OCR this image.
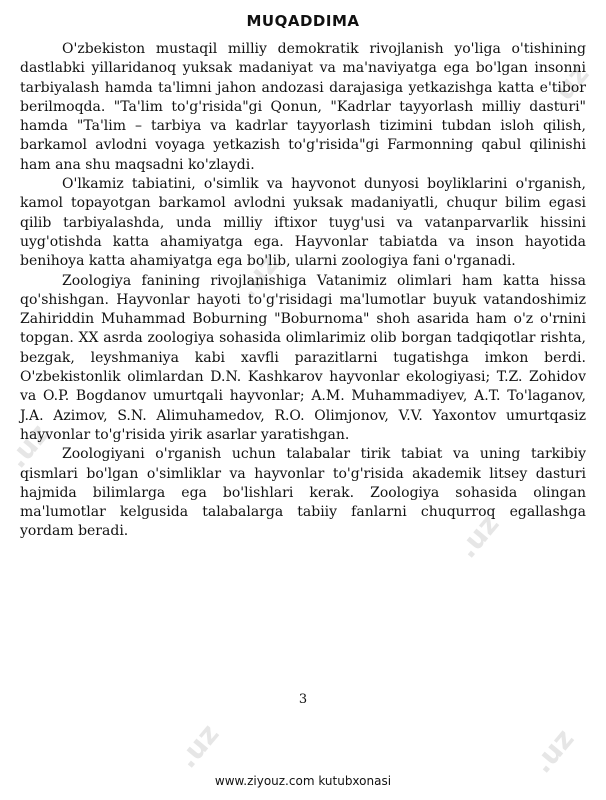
.uz
.uz
.uz
.uz
.uz	.uz
MUQADDIMA

O'zbekiston mustaqil milliy demokratik rivojlanish yo'liga o'tishining dastlabki yillaridanoq yuksak madaniyat va ma'naviyatga ega bo'lgan insonni tarbiyalash hamda ta'limni jahon andozasi darajasiga yetkazishga katta e'tibor berilmoqda. "Ta'lim to'g'risida"gi Qonun, "Kadrlar tayyorlash milliy dasturi" hamda "Ta'lim – tarbiya va kadrlar tayyorlash tizimini tubdan isloh qilish, barkamol avlodni voyaga yetkazish to'g'risida"gi Farmonning qabul qilinishi ham ana shu maqsadni ko'zlaydi.

O'lkamiz tabiatini, o'simlik va hayvonot dunyosi boyliklarini o'rganish, kamol topayotgan barkamol avlodni yuksak madaniyatli, chuqur bilim egasi qilib tarbiyalashda, unda milliy iftixor tuyg'usi va vatanparvarlik hissini uyg'otishda katta ahamiyatga ega. Hayvonlar tabiatda va inson hayotida benihoya katta ahamiyatga ega bo'lib, ularni zoologiya fani o'rganadi.

Zoologiya fanining rivojlanishiga Vatanimiz olimlari ham katta hissa qo'shishgan. Hayvonlar hayoti to'g'risidagi ma'lumotlar buyuk vatandoshimiz Zahiriddin Muhammad Boburning "Boburnoma" shoh asarida ham o'z o'rnini topgan. XX asrda zoologiya sohasida olimlarimiz olib borgan tadqiqotlar rishta, bezgak, leyshmaniya kabi xavfli parazitlarni tugatishga imkon berdi. O'zbekistonlik olimlardan D.N. Kashkarov hayvonlar ekologiyasi; T.Z. Zohidov va O.P. Bogdanov umurtqali hayvonlar; A.M. Muhammadiyev, A.T. To'laganov, J.A. Azimov, S.N. Alimuhamedov, R.O. Olimjonov, V.V. Yaxontov umurtqasiz hayvonlar to'g'risida yirik asarlar yaratishgan.

Zoologiyani o'rganish uchun talabalar tirik tabiat va uning tarkibiy qismlari bo'lgan o'simliklar va hayvonlar to'g'risida akademik litsey dasturi hajmida bilimlarga ega bo'lishlari kerak. Zoologiya sohasida olingan ma'lumotlar kelgusida talabalarga tabiiy fanlarni chuqurroq egallashga yordam beradi.

3
www.ziyouz.com kutubxonasi
